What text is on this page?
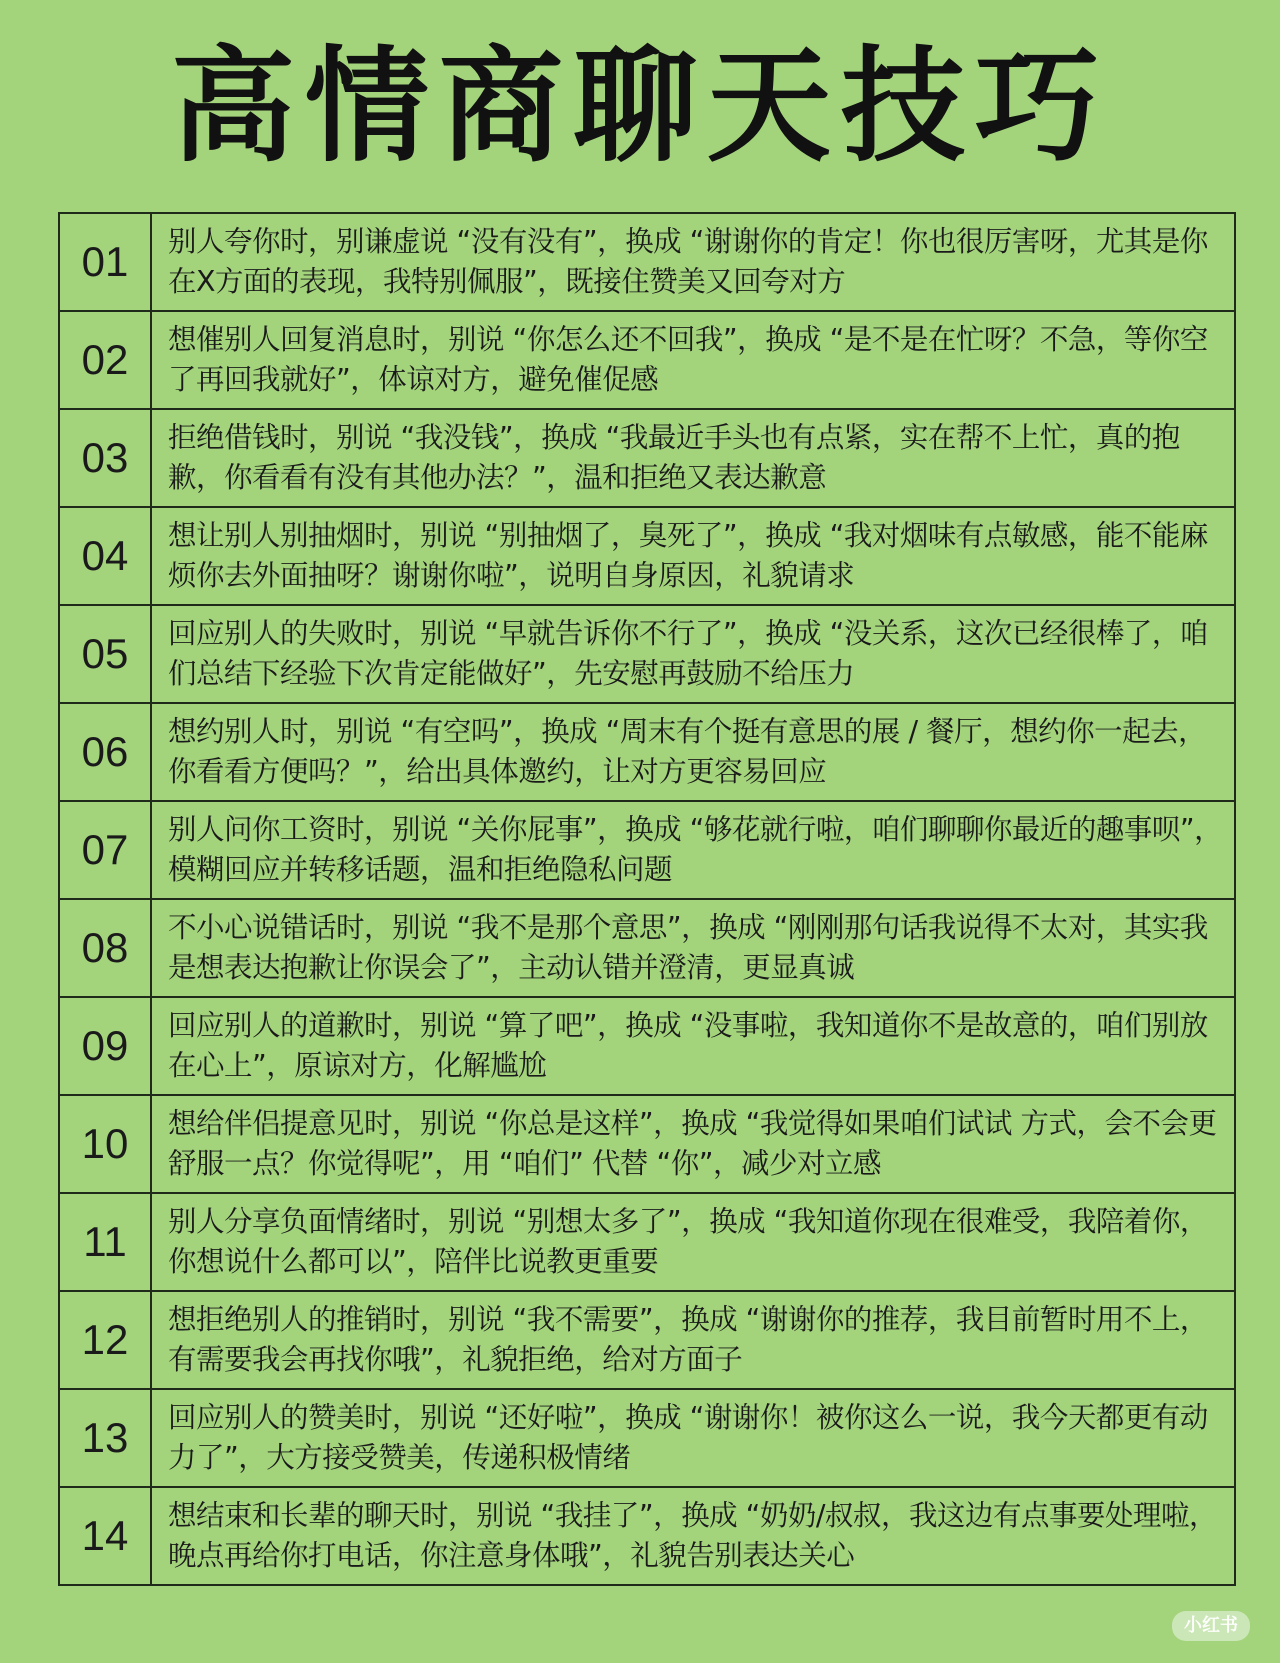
高情商聊天技巧
01	别人夸你时，别谦虚说 “没有没有”，换成 “谢谢你的肯定！你也很厉害呀，尤其是你在X方面的表现，我特别佩服”，既接住赞美又回夸对方
02	想催别人回复消息时，别说 “你怎么还不回我”，换成 “是不是在忙呀？不急，等你空了再回我就好”，体谅对方，避免催促感
03	拒绝借钱时，别说 “我没钱”，换成 “我最近手头也有点紧，实在帮不上忙，真的抱歉，你看看有没有其他办法？”，温和拒绝又表达歉意
04	想让别人别抽烟时，别说 “别抽烟了，臭死了”，换成 “我对烟味有点敏感，能不能麻烦你去外面抽呀？谢谢你啦”，说明自身原因，礼貌请求
05	回应别人的失败时，别说 “早就告诉你不行了”，换成 “没关系，这次已经很棒了，咱们总结下经验下次肯定能做好”，先安慰再鼓励不给压力
06	想约别人时，别说 “有空吗”，换成 “周末有个挺有意思的展 / 餐厅，想约你一起去，你看看方便吗？”，给出具体邀约，让对方更容易回应
07	别人问你工资时，别说 “关你屁事”，换成 “够花就行啦，咱们聊聊你最近的趣事呗”，模糊回应并转移话题，温和拒绝隐私问题
08	不小心说错话时，别说 “我不是那个意思”，换成 “刚刚那句话我说得不太对，其实我是想表达抱歉让你误会了”，主动认错并澄清，更显真诚
09	回应别人的道歉时，别说 “算了吧”，换成 “没事啦，我知道你不是故意的，咱们别放在心上”，原谅对方，化解尴尬
10	想给伴侣提意见时，别说 “你总是这样”，换成 “我觉得如果咱们试试 方式，会不会更舒服一点？你觉得呢”，用 “咱们” 代替 “你”，减少对立感
11	别人分享负面情绪时，别说 “别想太多了”，换成 “我知道你现在很难受，我陪着你，你想说什么都可以”，陪伴比说教更重要
12	想拒绝别人的推销时，别说 “我不需要”，换成 “谢谢你的推荐，我目前暂时用不上，有需要我会再找你哦”，礼貌拒绝，给对方面子
13	回应别人的赞美时，别说 “还好啦”，换成 “谢谢你！被你这么一说，我今天都更有动力了”，大方接受赞美，传递积极情绪
14	想结束和长辈的聊天时，别说 “我挂了”，换成 “奶奶/叔叔，我这边有点事要处理啦，晚点再给你打电话，你注意身体哦”，礼貌告别表达关心
小红书
